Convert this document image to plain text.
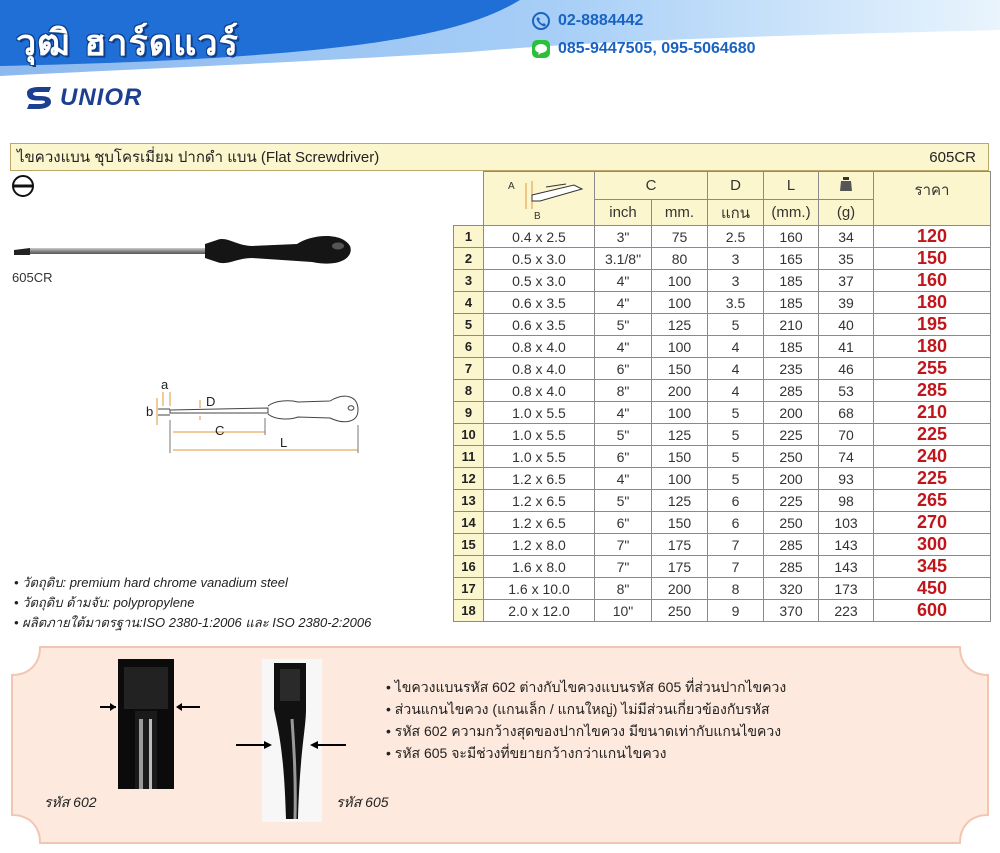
วุฒิ ฮาร์ดแวร์
02-8884442
085-9447505, 095-5064680
UNIOR
ไขควงแบน ชุบโครเมี่ยม ปากดำ แบน (Flat Screwdriver)	605CR
605CR
a
b
D
C
L

A
B	C		D	L		ราคา
		inch	mm.	แกน	(mm.)	(g)	
1	0.4 x 2.5	3"	75	2.5	160	34	120
2	0.5 x 3.0	3.1/8"	80	3	165	35	150
3	0.5 x 3.0	4"	100	3	185	37	160
4	0.6 x 3.5	4"	100	3.5	185	39	180
5	0.6 x 3.5	5"	125	5	210	40	195
6	0.8 x 4.0	4"	100	4	185	41	180
7	0.8 x 4.0	6"	150	4	235	46	255
8	0.8 x 4.0	8"	200	4	285	53	285
9	1.0 x 5.5	4"	100	5	200	68	210
10	1.0 x 5.5	5"	125	5	225	70	225
11	1.0 x 5.5	6"	150	5	250	74	240
12	1.2 x 6.5	4"	100	5	200	93	225
13	1.2 x 6.5	5"	125	6	225	98	265
14	1.2 x 6.5	6"	150	6	250	103	270
15	1.2 x 8.0	7"	175	7	285	143	300
16	1.6 x 8.0	7"	175	7	285	143	345
17	1.6 x 10.0	8"	200	8	320	173	450
18	2.0 x 12.0	10"	250	9	370	223	600
• วัตถุดิบ: premium hard chrome vanadium steel
• วัตถุดิบ ด้ามจับ: polypropylene
• ผลิตภายใต้มาตรฐาน:ISO 2380-1:2006 และ ISO 2380-2:2006
รหัส 602	รหัส 605
• ไขควงแบนรหัส 602 ต่างกับไขควงแบนรหัส 605 ที่ส่วนปากไขควง
• ส่วนแกนไขควง (แกนเล็ก / แกนใหญ่) ไม่มีส่วนเกี่ยวข้องกับรหัส
• รหัส 602 ความกว้างสุดของปากไขควง มีขนาดเท่ากับแกนไขควง
• รหัส 605 จะมีช่วงที่ขยายกว้างกว่าแกนไขควง
